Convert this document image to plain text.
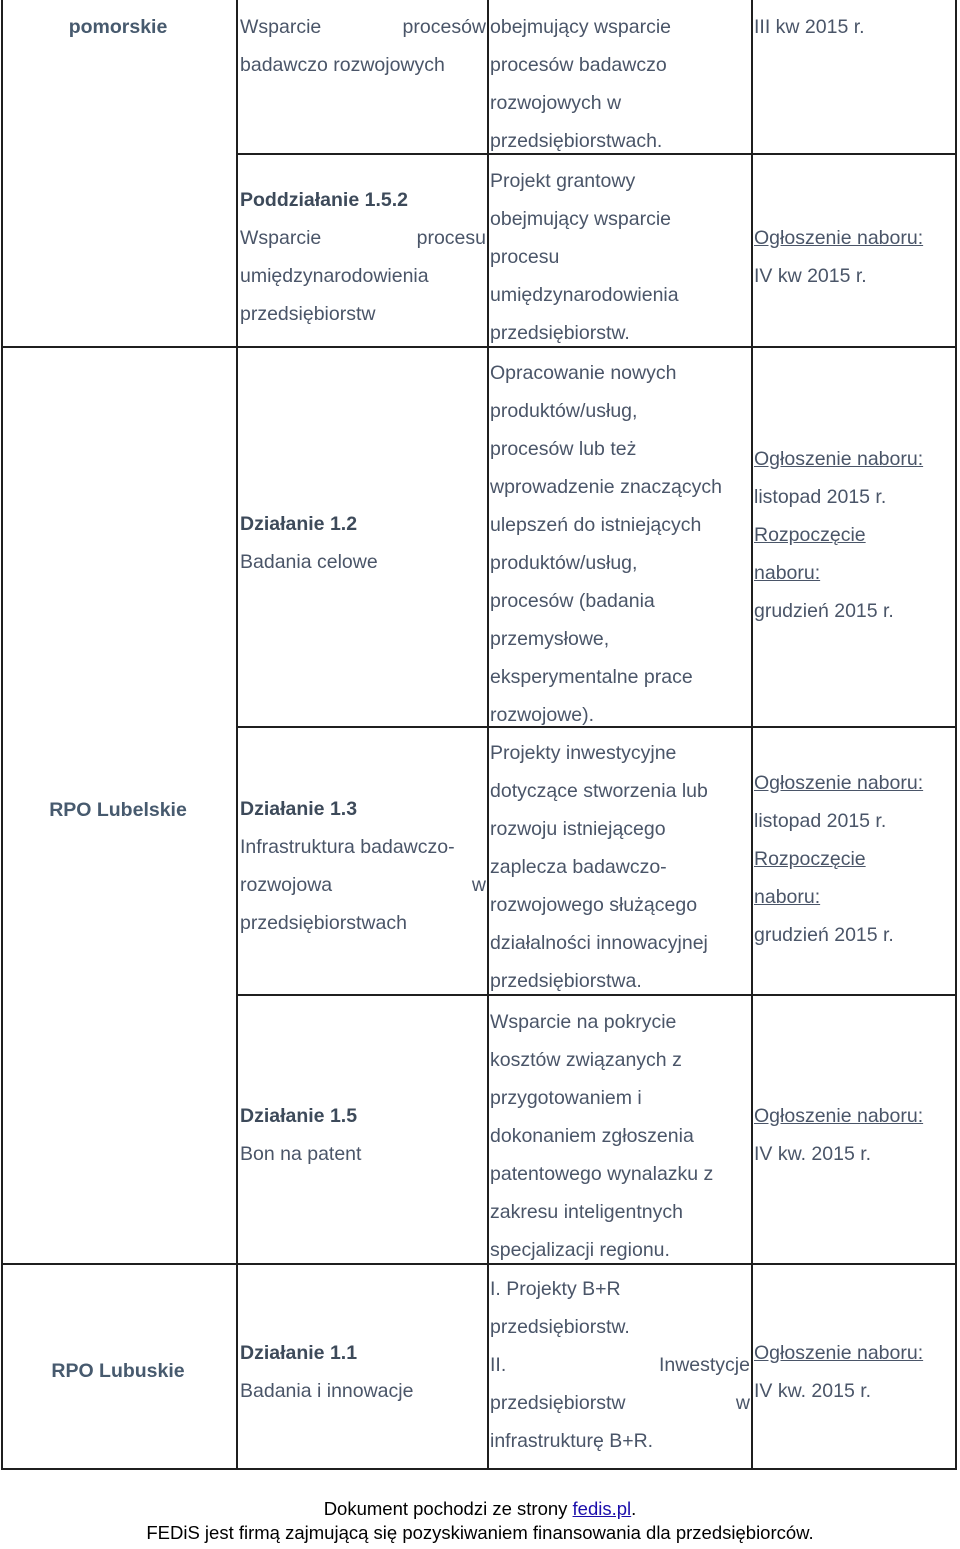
pomorskie	Wsparcie procesów
badawczo rozwojowych
obejmujący wsparcie
procesów badawczo
rozwojowych w
przedsiębiorstwach.
III kw 2015 r.
Poddziałanie 1.5.2
Wsparcie procesu
umiędzynarodowienia
przedsiębiorstw
Projekt grantowy
obejmujący wsparcie
procesu
umiędzynarodowienia
przedsiębiorstw.
Ogłoszenie naboru:
IV kw 2015 r.
Działanie 1.2
Badania celowe
Opracowanie nowych
produktów/usług,
procesów lub też
wprowadzenie znaczących
ulepszeń do istniejących
produktów/usług,
procesów (badania
przemysłowe,
eksperymentalne prace
rozwojowe).
Ogłoszenie naboru:
listopad 2015 r.
Rozpoczęcie
naboru:
grudzień 2015 r.
RPO Lubelskie	Działanie 1.3
Infrastruktura badawczo-
rozwojowa w
przedsiębiorstwach
Projekty inwestycyjne
dotyczące stworzenia lub
rozwoju istniejącego
zaplecza badawczo-
rozwojowego służącego
działalności innowacyjnej
przedsiębiorstwa.
Ogłoszenie naboru:
listopad 2015 r.
Rozpoczęcie
naboru:
grudzień 2015 r.
Działanie 1.5
Bon na patent
Wsparcie na pokrycie
kosztów związanych z
przygotowaniem i
dokonaniem zgłoszenia
patentowego wynalazku z
zakresu inteligentnych
specjalizacji regionu.
Ogłoszenie naboru:
IV kw. 2015 r.
RPO Lubuskie
Działanie 1.1
Badania i innowacje
I. Projekty B+R
przedsiębiorstw.
II. Inwestycje
przedsiębiorstw w
infrastrukturę B+R.
Ogłoszenie naboru:
IV kw. 2015 r.
Dokument pochodzi ze strony fedis.pl.
FEDiS jest firmą zajmującą się pozyskiwaniem finansowania dla przedsiębiorców.
